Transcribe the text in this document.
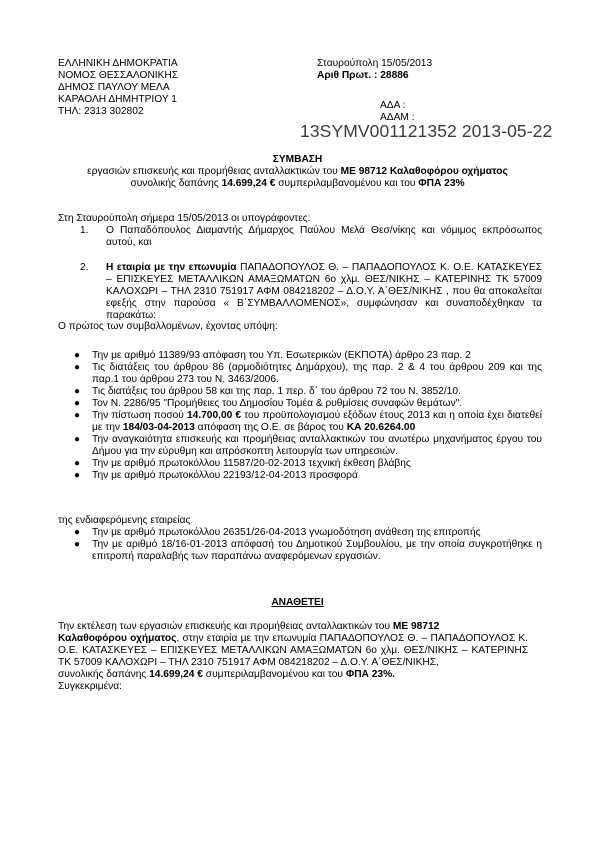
ΕΛΛΗΝΙΚΗ ΔΗΜΟΚΡΑΤΙΑ
ΝΟΜΟΣ ΘΕΣΣΑΛΟΝΙΚΗΣ
ΔΗΜΟΣ ΠΑΥΛΟΥ ΜΕΛΑ
ΚΑΡΑΟΛΗ ΔΗΜΗΤΡΙΟΥ 1
ΤΗΛ: 2313 302802
Σταυρούπολη 15/05/2013
Αριθ Πρωτ. : 28886
ΑΔΑ :
ΑΔΑΜ :
13SYMV001121352 2013-05-22
ΣΥΜΒΑΣΗ
εργασιών επισκευής και προμήθειας ανταλλακτικών του ΜΕ 98712 Καλαθοφόρου οχήματος
συνολικής δαπάνης 14.699,24 € συμπεριλαμβανομένου και του ΦΠΑ 23%
Στη Σταυρούπολη σήμερα 15/05/2013 οι υπογράφοντες:
1. Ο Παπαδόπουλος Διαμαντής Δήμαρχος Παύλου Μελά Θεσ/νίκης και νόμιμος εκπρόσωπος αυτού, και
2. Η εταιρία με την επωνυμία ΠΑΠΑΔΟΠΟΥΛΟΣ Θ. – ΠΑΠΑΔΟΠΟΥΛΟΣ Κ. Ο.Ε. ΚΑΤΑΣΚΕΥΕΣ – ΕΠΙΣΚΕΥΕΣ ΜΕΤΑΛΛΙΚΩΝ ΑΜΑΞΩΜΑΤΩΝ 6ο χλμ. ΘΕΣ/ΝΙΚΗΣ – ΚΑΤΕΡΙΝΗΣ ΤΚ 57009 ΚΑΛΟΧΩΡΙ – ΤΗΛ 2310 751917 ΑΦΜ 084218202 – Δ.Ο.Υ. Α΄ΘΕΣ/ΝΙΚΗΣ , που θα αποκαλείται εφεξής στην παρούσα « Β΄ΣΥΜΒΑΛΛΟΜΕΝΟΣ», συμφώνησαν και συναποδέχθηκαν τα παρακάτω:
Ο πρώτος των συμβαλλομένων, έχοντας υπόψη:
● Την με αριθμό 11389/93 απόφαση του Υπ. Εσωτερικών (ΕΚΠΟΤΑ) άρθρο 23 παρ. 2
● Τις διατάξεις του άρθρου 86 (αρμοδιότητες Δημάρχου), της παρ. 2 & 4 του άρθρου 209 και της παρ.1 του άρθρου 273 του Ν. 3463/2006.
● Τις διατάξεις του άρθρου 58 και της παρ. 1 περ. δ΄ του άρθρου 72 του Ν. 3852/10.
● Τον Ν. 2286/95 "Προμήθειες του Δημοσίου Τομέα & ρυθμίσεις συναφών θεμάτων".
● Την πίστωση ποσού 14.700,00 € του προϋπολογισμού εξόδων έτους 2013 και η οποία έχει διατεθεί με την 184/03-04-2013 απόφαση της Ο.Ε. σε βάρος του ΚΑ 20.6264.00
● Την αναγκαιότητα επισκευής και προμήθειας ανταλλακτικών του ανωτέρω μηχανήματος έργου του Δήμου για την εύρυθμη και απρόσκοπτη λειτουργία των υπηρεσιών.
● Την με αριθμό πρωτοκόλλου 11587/20-02-2013 τεχνική έκθεση βλάβης
● Την με αριθμό πρωτοκόλλου 22193/12-04-2013 προσφορά
της ενδιαφερόμενης εταιρείας
● Την με αριθμό πρωτοκόλλου 26351/26-04-2013 γνωμοδότηση ανάθεση της επιτροπής
● Την με αριθμό 18/16-01-2013 απόφασή του Δημοτικού Συμβουλίου, με την οποία συγκροτήθηκε η επιτροπή παραλαβής των παραπάνω αναφερόμενων εργασιών.
ΑΝΑΘΕΤΕΙ
Την εκτέλεση των εργασιών επισκευής και προμήθειας ανταλλακτικών του ΜΕ 98712
Καλαθοφόρου οχήματος, στην εταιρία με την επωνυμία ΠΑΠΑΔΟΠΟΥΛΟΣ Θ. – ΠΑΠΑΔΟΠΟΥΛΟΣ Κ. Ο.Ε. ΚΑΤΑΣΚΕΥΕΣ – ΕΠΙΣΚΕΥΕΣ ΜΕΤΑΛΛΙΚΩΝ ΑΜΑΞΩΜΑΤΩΝ 6ο χλμ. ΘΕΣ/ΝΙΚΗΣ – ΚΑΤΕΡΙΝΗΣ ΤΚ 57009 ΚΑΛΟΧΩΡΙ – ΤΗΛ 2310 751917 ΑΦΜ 084218202 – Δ.Ο.Υ. Α΄ΘΕΣ/ΝΙΚΗΣ,
συνολικής δαπάνης 14.699,24 € συμπεριλαμβανομένου και του ΦΠΑ 23%.
Συγκεκριμένα:
